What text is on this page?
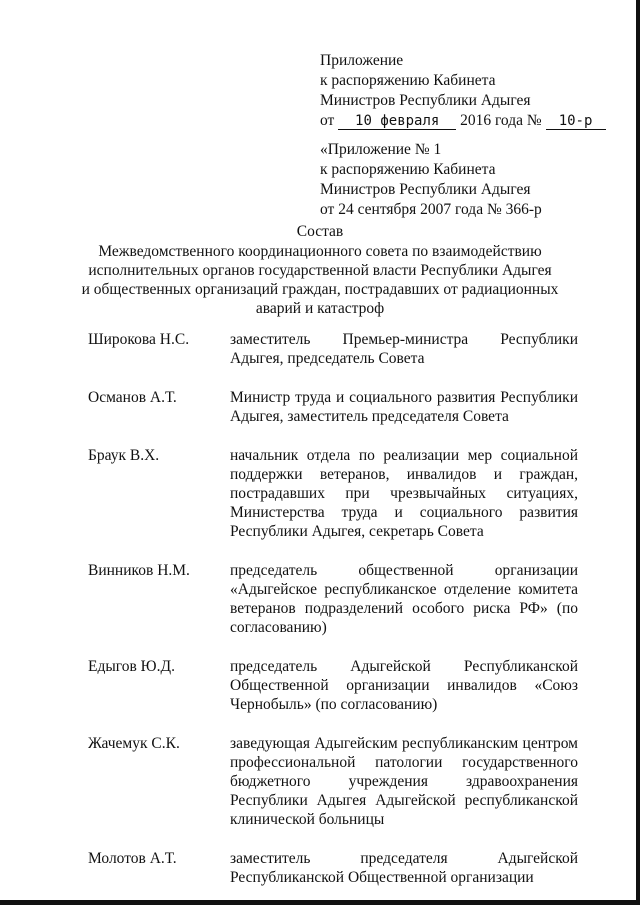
Приложение
к распоряжению Кабинета
Министров Республики Адыгея
от 10 февраля 2016 года № 10-р
«Приложение № 1
к распоряжению Кабинета
Министров Республики Адыгея
от 24 сентября 2007 года № 366-р
Состав
Межведомственного координационного совета по взаимодействию
исполнительных органов государственной власти Республики Адыгея
и общественных организаций граждан, пострадавших от радиационных
аварий и катастроф
Широкова Н.С.	заместитель Премьер-министра Республики Адыгея, председатель Совета
Османов А.Т.	Министр труда и социального развития Республики Адыгея, заместитель председателя Совета
Браук В.Х.	начальник отдела по реализации мер социальной поддержки ветеранов, инвалидов и граждан, пострадавших при чрезвычайных ситуациях, Министерства труда и социального развития Республики Адыгея, секретарь Совета
Винников Н.М.	председатель общественной организации «Адыгейское республиканское отделение комитета ветеранов подразделений особого риска РФ» (по согласованию)
Едыгов Ю.Д.	председатель Адыгейской Республиканской Общественной организации инвалидов «Союз Чернобыль» (по согласованию)
Жачемук С.К.	заведующая Адыгейским республиканским центром профессиональной патологии государственного бюджетного учреждения здравоохранения Республики Адыгея Адыгейской республиканской клинической больницы
Молотов А.Т.	заместитель председателя Адыгейской Республиканской Общественной организации
